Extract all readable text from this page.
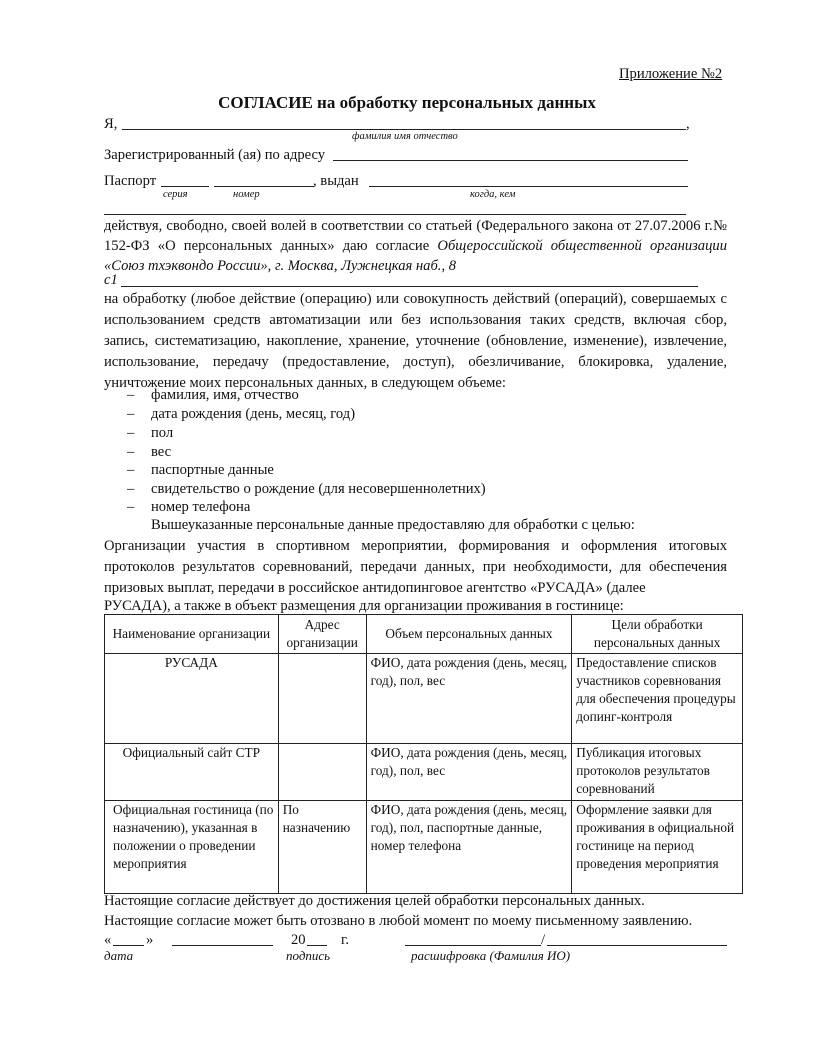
Приложение №2
СОГЛАСИЕ на обработку персональных данных
Я,	,
фамилия имя отчество
Зарегистрированный (ая) по адресу
Паспорт	, выдан
серия	номер	когда, кем
действуя, свободно, своей волей в соответствии со статьей (Федерального закона от 27.07.2006 г.№ 152-ФЗ «О персональных данных» даю согласие Общероссийской общественной организации «Союз тхэквондо России», г. Москва, Лужнецкая наб., 8
с1
на обработку (любое действие (операцию) или совокупность действий (операций), совершаемых с использованием средств автоматизации или без использования таких средств, включая сбор, запись, систематизацию, накопление, хранение, уточнение (обновление, изменение), извлечение, использование, передачу (предоставление, доступ), обезличивание, блокировка, удаление, уничтожение моих персональных данных, в следующем объеме:
– фамилия, имя, отчество
– дата рождения (день, месяц, год)
– пол
– вес
– паспортные данные
– свидетельство о рождение (для несовершеннолетних)
– номер телефона
Вышеуказанные персональные данные предоставляю для обработки с целью:
Организации участия в спортивном мероприятии, формирования и оформления итоговых протоколов результатов соревнований, передачи данных, при необходимости, для обеспечения призовых выплат, передачи в российское антидопинговое агентство «РУСАДА» (далее
РУСАДА), а также в объект размещения для организации проживания в гостинице:
Наименование организации	Адрес организации	Объем персональных данных	Цели обработки персональных данных
РУСАДА		ФИО, дата рождения (день, месяц, год), пол, вес	Предоставление списков участников соревнования для обеспечения процедуры допинг-контроля
Официальный сайт СТР		ФИО, дата рождения (день, месяц, год), пол, вес	Публикация итоговых протоколов результатов соревнований
Официальная гостиница (по назначению), указанная в положении о проведении мероприятия	По назначению	ФИО, дата рождения (день, месяц, год), пол, паспортные данные, номер телефона	Оформление заявки для проживания в официальной гостинице на период проведения мероприятия
Настоящие согласие действует до достижения целей обработки персональных данных.
Настоящие согласие может быть отозвано в любой момент по моему письменному заявлению.
« »	20 г.	/
дата	подпись	расшифровка (Фамилия ИО)
